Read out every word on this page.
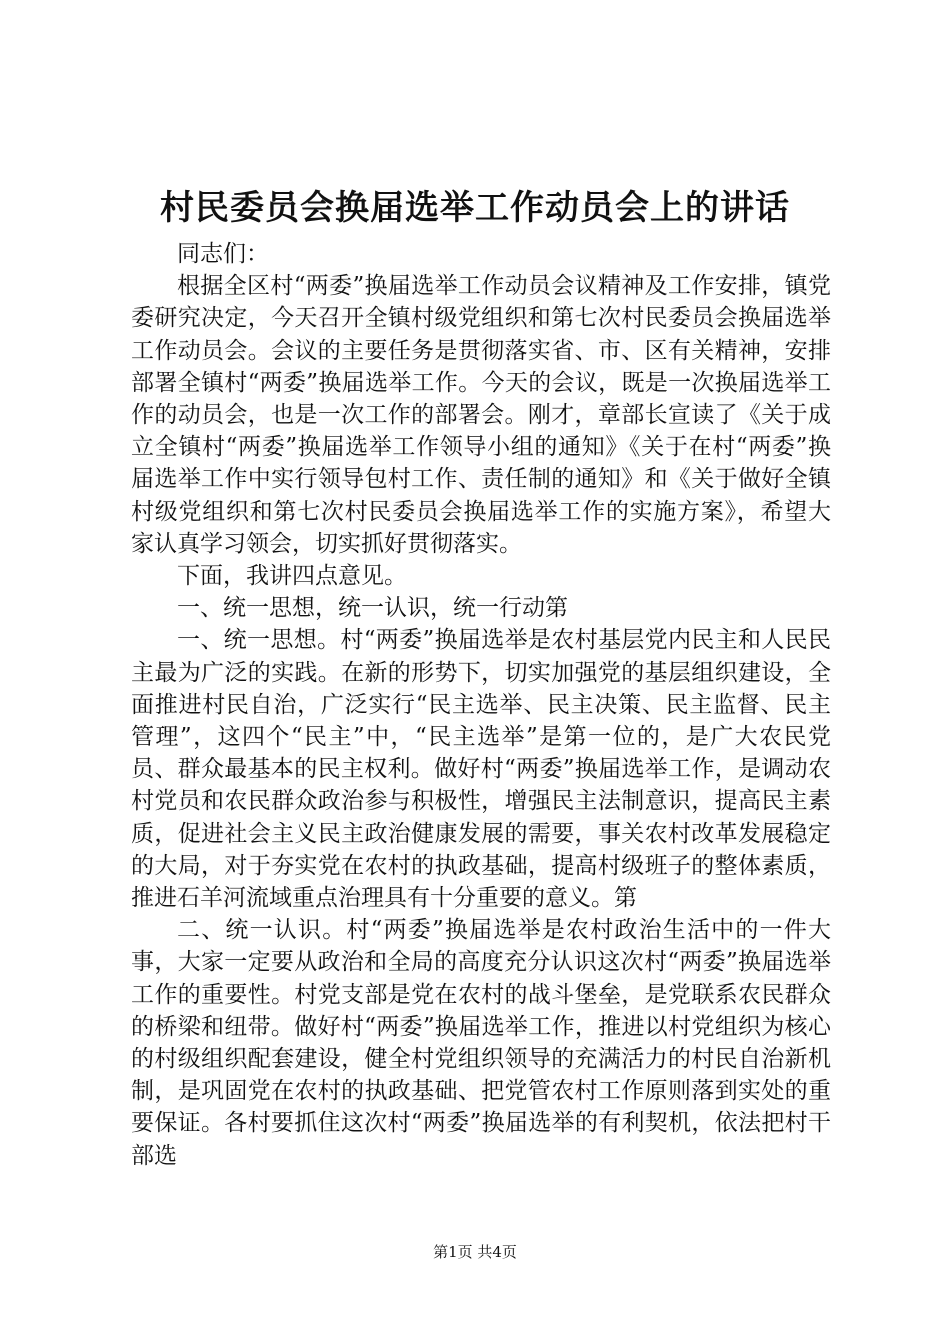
村民委员会换届选举工作动员会上的讲话

同志们：

根据全区村“两委”换届选举工作动员会议精神及工作安排，镇党委研究决定，今天召开全镇村级党组织和第七次村民委员会换届选举工作动员会。会议的主要任务是贯彻落实省、市、区有关精神，安排部署全镇村“两委”换届选举工作。今天的会议，既是一次换届选举工作的动员会，也是一次工作的部署会。刚才，章部长宣读了《关于成立全镇村“两委”换届选举工作领导小组的通知》《关于在村“两委”换届选举工作中实行领导包村工作、责任制的通知》和《关于做好全镇村级党组织和第七次村民委员会换届选举工作的实施方案》，希望大家认真学习领会，切实抓好贯彻落实。

下面，我讲四点意见。

一、统一思想，统一认识，统一行动第

一、统一思想。村“两委”换届选举是农村基层党内民主和人民民主最为广泛的实践。在新的形势下，切实加强党的基层组织建设，全面推进村民自治，广泛实行“民主选举、民主决策、民主监督、民主管理”，这四个“民主”中，“民主选举”是第一位的，是广大农民党员、群众最基本的民主权利。做好村“两委”换届选举工作，是调动农村党员和农民群众政治参与积极性，增强民主法制意识，提高民主素质，促进社会主义民主政治健康发展的需要，事关农村改革发展稳定的大局，对于夯实党在农村的执政基础，提高村级班子的整体素质，推进石羊河流域重点治理具有十分重要的意义。第

二、统一认识。村“两委”换届选举是农村政治生活中的一件大事，大家一定要从政治和全局的高度充分认识这次村“两委”换届选举工作的重要性。村党支部是党在农村的战斗堡垒，是党联系农民群众的桥梁和纽带。做好村“两委”换届选举工作，推进以村党组织为核心的村级组织配套建设，健全村党组织领导的充满活力的村民自治新机制，是巩固党在农村的执政基础、把党管农村工作原则落到实处的重要保证。各村要抓住这次村“两委”换届选举的有利契机，依法把村干部选

第1页 共4页
